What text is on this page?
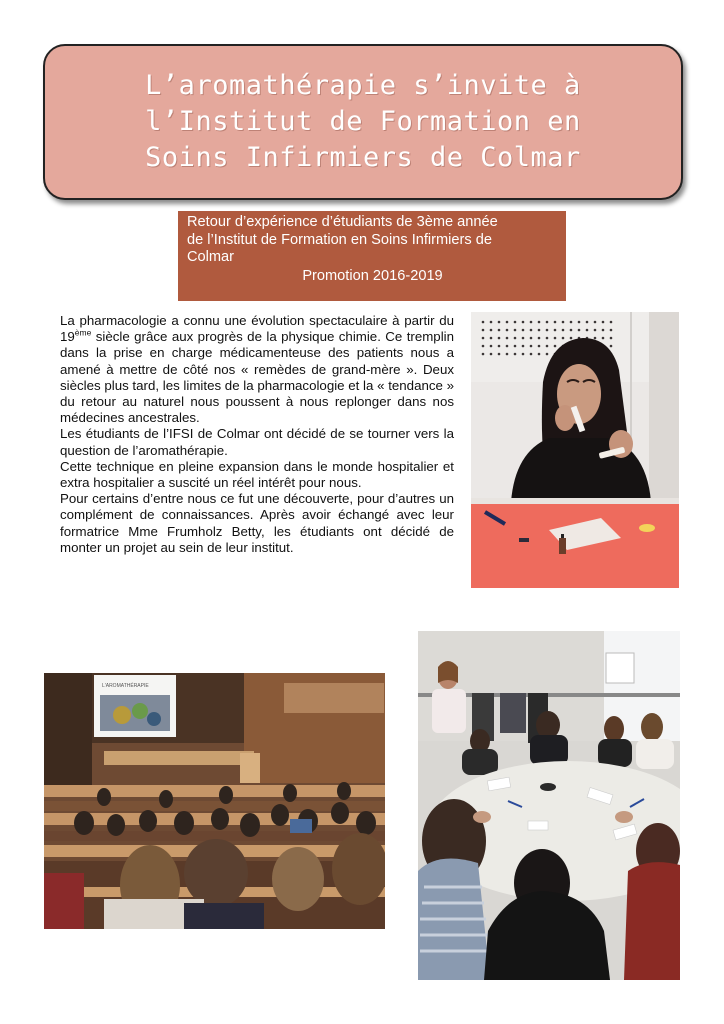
L’aromathérapie s’invite à
l’Institut de Formation en
Soins Infirmiers de Colmar
Retour d’expérience d’étudiants de 3ème année
de l’Institut de Formation en Soins Infirmiers de
Colmar
Promotion 2016-2019

La pharmacologie a connu une évolution spectaculaire à partir du 19ème siècle grâce aux progrès de la physique chimie. Ce tremplin dans la prise en charge médicamenteuse des patients nous a amené à mettre de côté nos « remèdes de grand-mère ». Deux siècles plus tard, les limites de la pharmacologie et la « tendance » du retour au naturel nous poussent à nous replonger dans nos médecines ancestrales.

Les étudiants de l’IFSI de Colmar ont décidé de se tourner vers la question de l’aromathérapie.

Cette technique en pleine expansion dans le monde hospitalier et extra hospitalier a suscité un réel intérêt pour nous.

Pour certains d’entre nous ce fut une découverte, pour d’autres un complément de connaissances. Après avoir échangé avec leur formatrice Mme Frumholz Betty, les étudiants ont décidé de monter un projet au sein de leur institut.

L'AROMATHÉRAPIE
